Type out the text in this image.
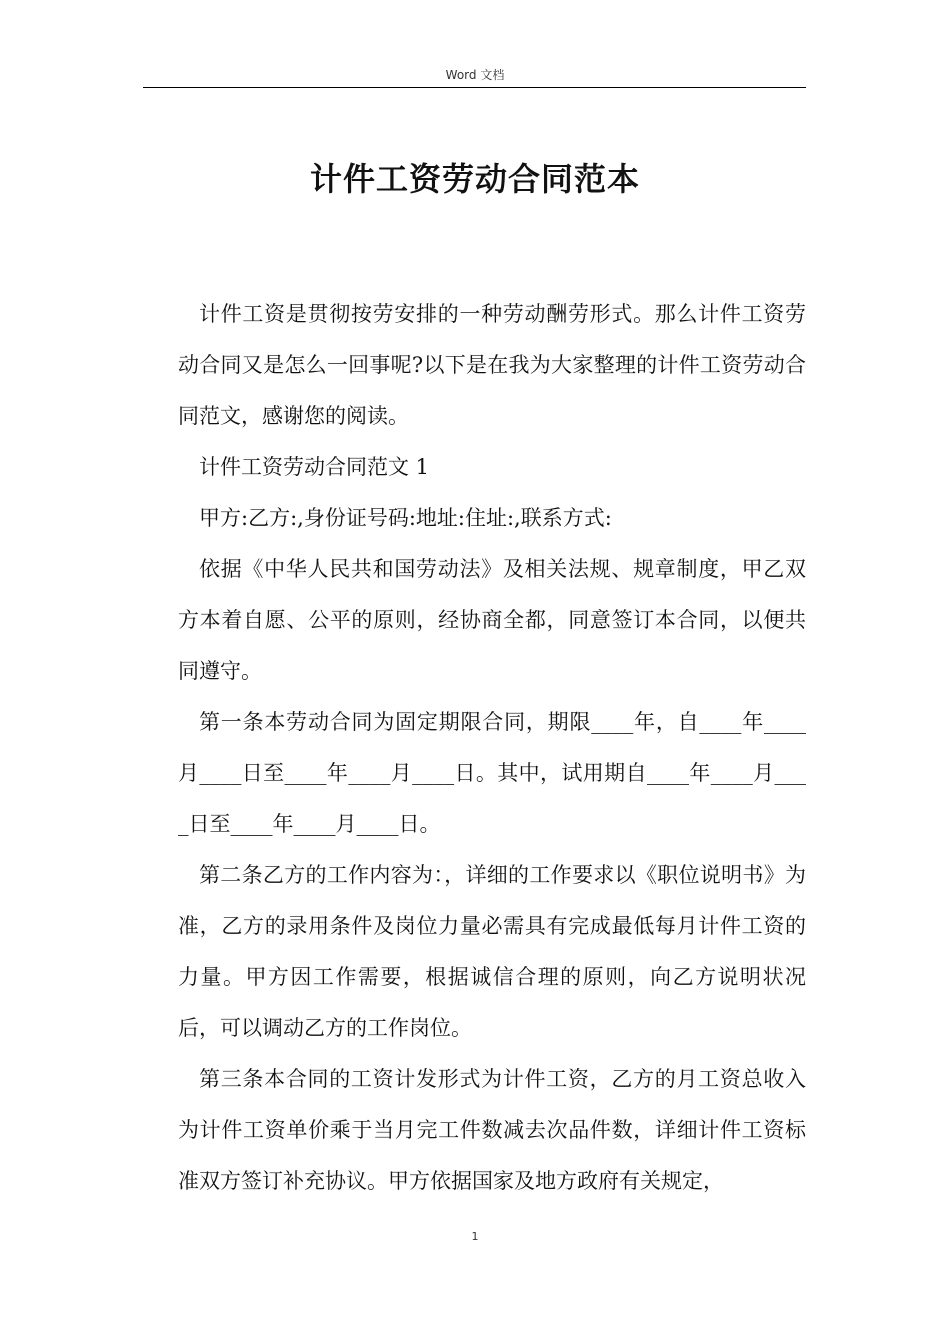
Word 文档
计件工资劳动合同范本

计件工资是贯彻按劳安排的一种劳动酬劳形式。那么计件工资劳动合同又是怎么一回事呢?以下是在我为大家整理的计件工资劳动合同范文，感谢您的阅读。

计件工资劳动合同范文 1

甲方:乙方:,身份证号码:地址:住址:,联系方式:

依据《中华人民共和国劳动法》及相关法规、规章制度，甲乙双方本着自愿、公平的原则，经协商全都，同意签订本合同，以便共同遵守。

第一条本劳动合同为固定期限合同，期限____年，自____年____月____日至____年____月____日。其中，试用期自____年____月____日至____年____月____日。

第二条乙方的工作内容为：，详细的工作要求以《职位说明书》为准，乙方的录用条件及岗位力量必需具有完成最低每月计件工资的力量。甲方因工作需要，根据诚信合理的原则，向乙方说明状况后，可以调动乙方的工作岗位。

第三条本合同的工资计发形式为计件工资，乙方的月工资总收入为计件工资单价乘于当月完工件数减去次品件数，详细计件工资标准双方签订补充协议。甲方依据国家及地方政府有关规定，

1
